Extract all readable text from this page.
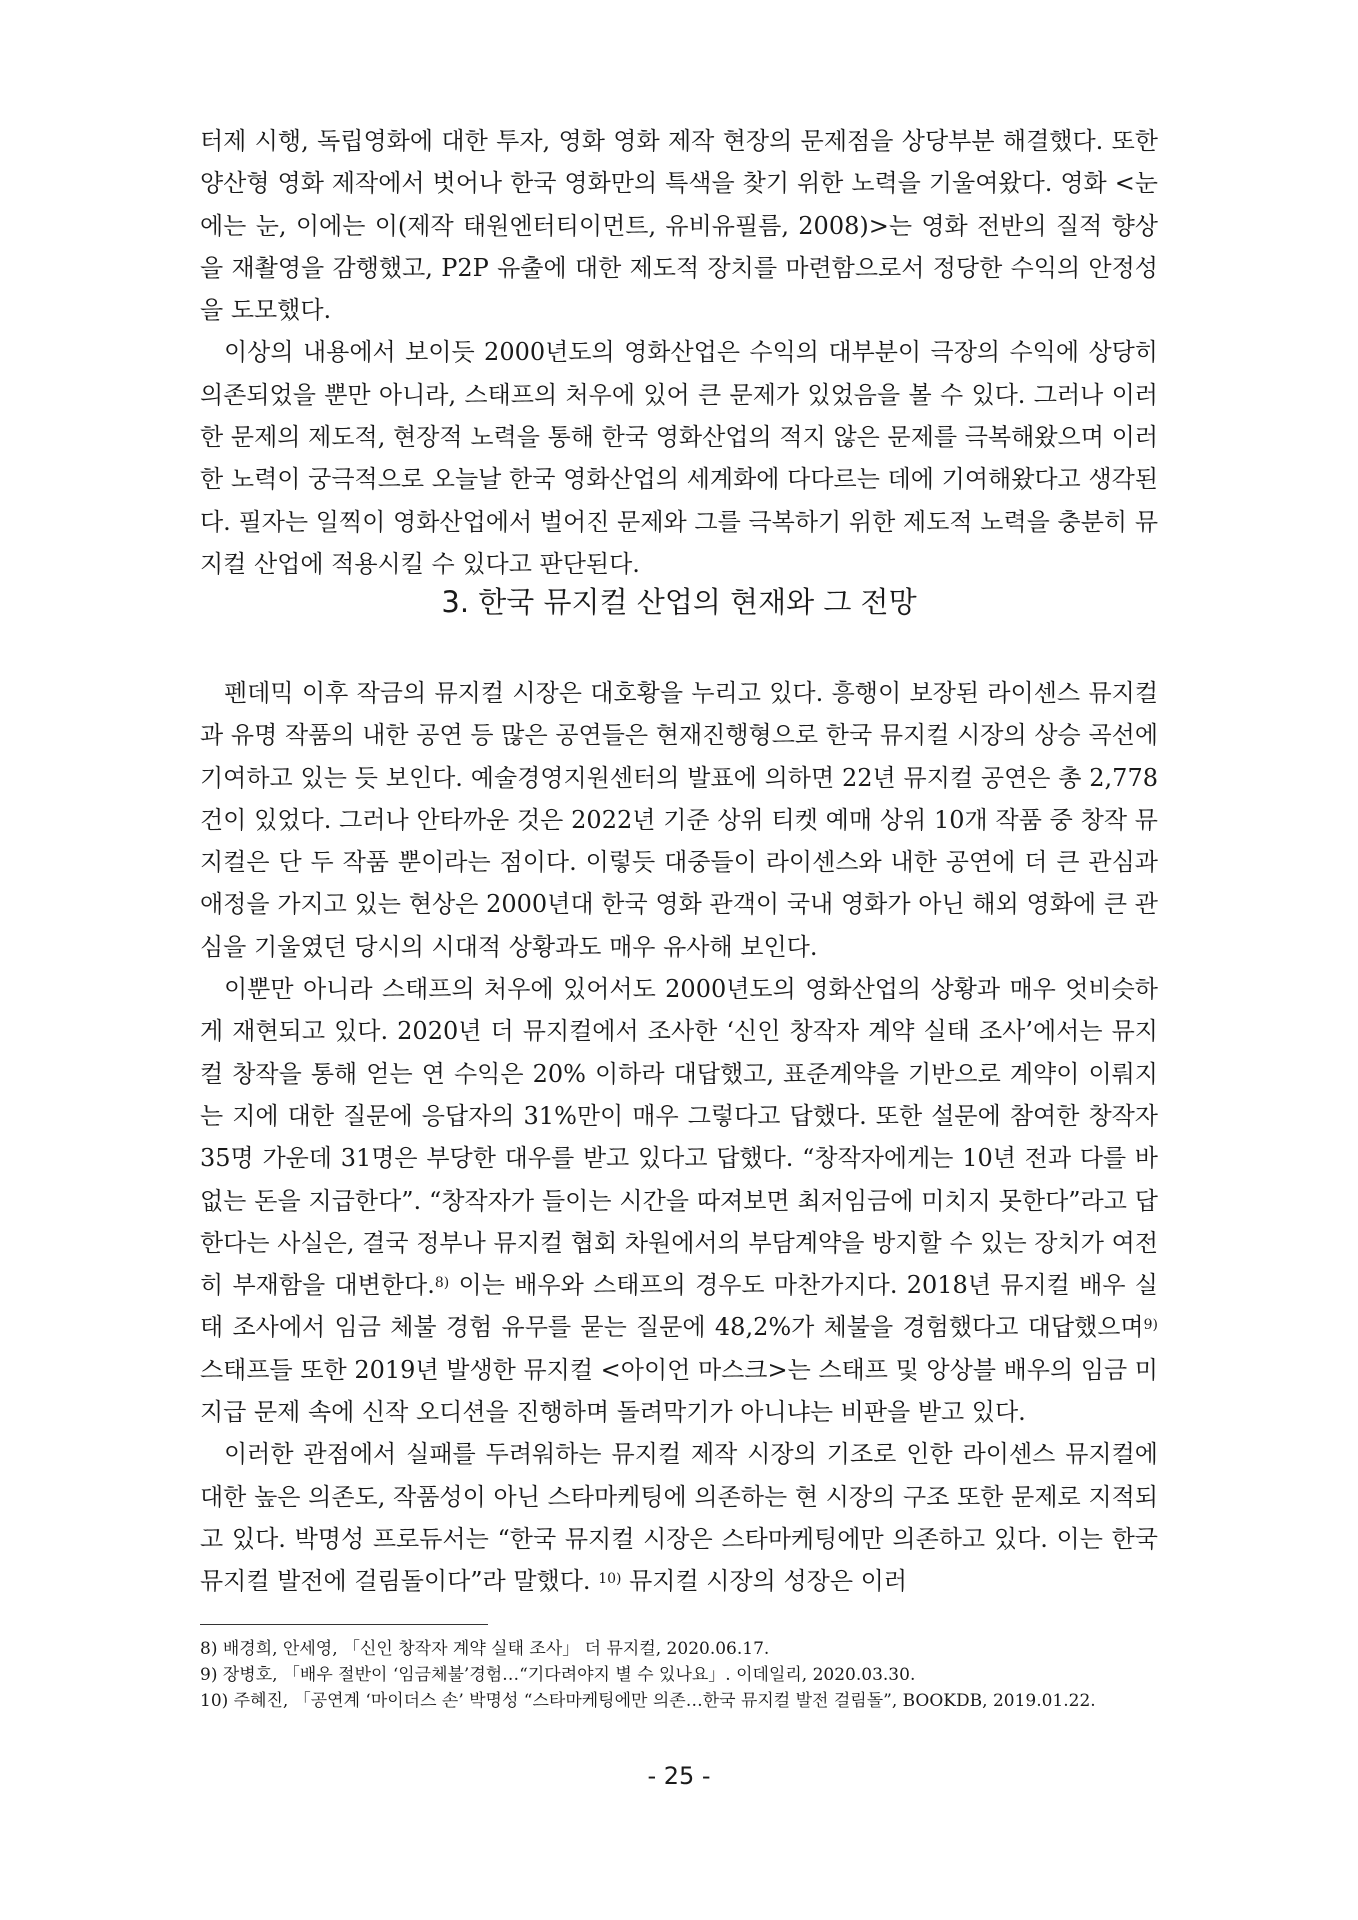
터제 시행, 독립영화에 대한 투자, 영화 영화 제작 현장의 문제점을 상당부분 해결했다. 또한 양산형 영화 제작에서 벗어나 한국 영화만의 특색을 찾기 위한 노력을 기울여왔다. 영화 <눈에는 눈, 이에는 이(제작 태원엔터티이먼트, 유비유필름, 2008)>는 영화 전반의 질적 향상을 재촬영을 감행했고, P2P 유출에 대한 제도적 장치를 마련함으로서 정당한 수익의 안정성을 도모했다.

이상의 내용에서 보이듯 2000년도의 영화산업은 수익의 대부분이 극장의 수익에 상당히 의존되었을 뿐만 아니라, 스태프의 처우에 있어 큰 문제가 있었음을 볼 수 있다. 그러나 이러한 문제의 제도적, 현장적 노력을 통해 한국 영화산업의 적지 않은 문제를 극복해왔으며 이러한 노력이 궁극적으로 오늘날 한국 영화산업의 세계화에 다다르는 데에 기여해왔다고 생각된다. 필자는 일찍이 영화산업에서 벌어진 문제와 그를 극복하기 위한 제도적 노력을 충분히 뮤지컬 산업에 적용시킬 수 있다고 판단된다.

3. 한국 뮤지컬 산업의 현재와 그 전망

펜데믹 이후 작금의 뮤지컬 시장은 대호황을 누리고 있다. 흥행이 보장된 라이센스 뮤지컬과 유명 작품의 내한 공연 등 많은 공연들은 현재진행형으로 한국 뮤지컬 시장의 상승 곡선에 기여하고 있는 듯 보인다. 예술경영지원센터의 발표에 의하면 22년 뮤지컬 공연은 총 2,778건이 있었다. 그러나 안타까운 것은 2022년 기준 상위 티켓 예매 상위 10개 작품 중 창작 뮤지컬은 단 두 작품 뿐이라는 점이다. 이렇듯 대중들이 라이센스와 내한 공연에 더 큰 관심과 애정을 가지고 있는 현상은 2000년대 한국 영화 관객이 국내 영화가 아닌 해외 영화에 큰 관심을 기울였던 당시의 시대적 상황과도 매우 유사해 보인다.

이뿐만 아니라 스태프의 처우에 있어서도 2000년도의 영화산업의 상황과 매우 엇비슷하게 재현되고 있다. 2020년 더 뮤지컬에서 조사한 ‘신인 창작자 계약 실태 조사’에서는 뮤지컬 창작을 통해 얻는 연 수익은 20% 이하라 대답했고, 표준계약을 기반으로 계약이 이뤄지는 지에 대한 질문에 응답자의 31%만이 매우 그렇다고 답했다. 또한 설문에 참여한 창작자 35명 가운데 31명은 부당한 대우를 받고 있다고 답했다. “창작자에게는 10년 전과 다를 바 없는 돈을 지급한다”. “창작자가 들이는 시간을 따져보면 최저임금에 미치지 못한다”라고 답한다는 사실은, 결국 정부나 뮤지컬 협회 차원에서의 부담계약을 방지할 수 있는 장치가 여전히 부재함을 대변한다.$^{8)}$ 이는 배우와 스태프의 경우도 마찬가지다. 2018년 뮤지컬 배우 실태 조사에서 임금 체불 경험 유무를 묻는 질문에 48,2%가 체불을 경험했다고 대답했으며$^{9)}$ 스태프들 또한 2019년 발생한 뮤지컬 <아이언 마스크>는 스태프 및 앙상블 배우의 임금 미지급 문제 속에 신작 오디션을 진행하며 돌려막기가 아니냐는 비판을 받고 있다.

이러한 관점에서 실패를 두려워하는 뮤지컬 제작 시장의 기조로 인한 라이센스 뮤지컬에 대한 높은 의존도, 작품성이 아닌 스타마케팅에 의존하는 현 시장의 구조 또한 문제로 지적되고 있다. 박명성 프로듀서는 “한국 뮤지컬 시장은 스타마케팅에만 의존하고 있다. 이는 한국 뮤지컬 발전에 걸림돌이다”라 말했다. $^{10)}$ 뮤지컬 시장의 성장은 이러

8) 배경희, 안세영, 「신인 창작자 계약 실태 조사」 더 뮤지컬, 2020.06.17.
9) 장병호, 「배우 절반이 ‘임금체불’경험…“기다려야지 별 수 있나요」. 이데일리, 2020.03.30.
10) 주혜진, 「공연계 ‘마이더스 손’ 박명성 “스타마케팅에만 의존…한국 뮤지컬 발전 걸림돌”, BOOKDB, 2019.01.22.
- 25 -
